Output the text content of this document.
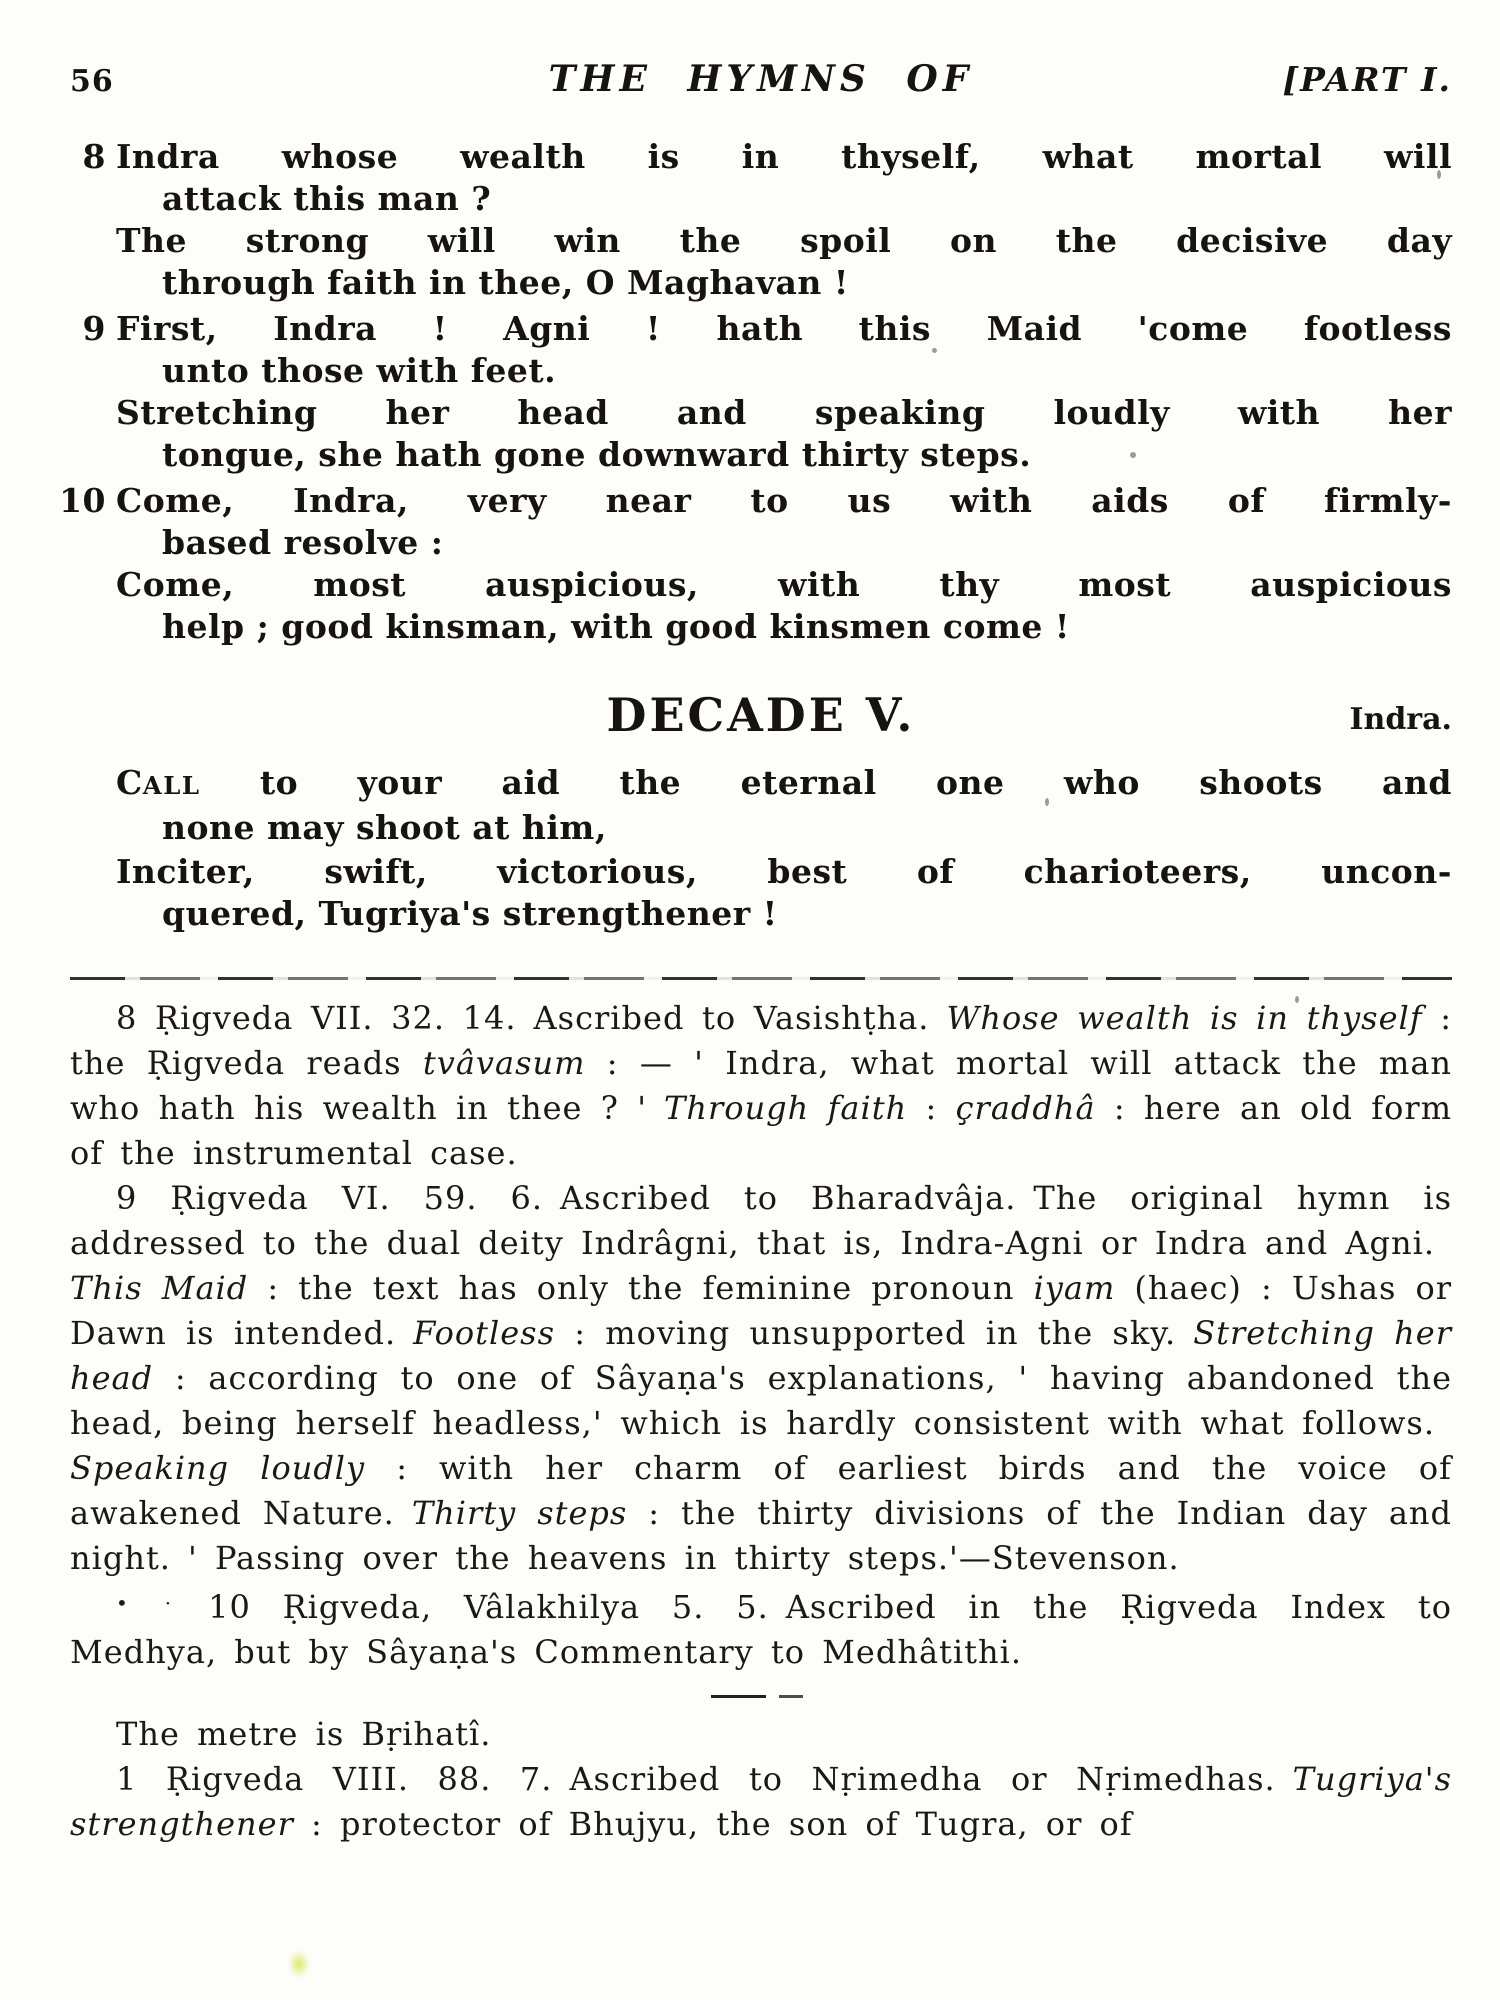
56	THE HYMNS OF	[PART I.
8 Indra whose wealth is in thyself, what mortal will
attack this man ?
The strong will win the spoil on the decisive day
through faith in thee, O Maghavan !
9 First, Indra ! Agni ! hath this Maid 'come footless
unto those with feet.
Stretching her head and speaking loudly with her
tongue, she hath gone downward thirty steps.
10 Come, Indra, very near to us with aids of firmly-
based resolve :
Come, most auspicious, with thy most auspicious
help ; good kinsman, with good kinsmen come !
DECADE V.	Indra.
CALL to your aid the eternal one who shoots and
none may shoot at him,
Inciter, swift, victorious, best of charioteers, uncon-
quered, Tugriya's strengthener !

8 Ṛigveda VII. 32. 14. Ascribed to Vasishṭha. Whose wealth is in thyself : the Ṛigveda reads tvâvasum : — ' Indra, what mortal will attack the man who hath his wealth in thee ? ' Through faith : çraddhâ : here an old form of the instrumental case.

9 Ṛigveda VI. 59. 6. Ascribed to Bharadvâja. The original hymn is addressed to the dual deity Indrâgni, that is, Indra-Agni or Indra and Agni. This Maid : the text has only the feminine pronoun iyam (haec) : Ushas or Dawn is intended. Footless : moving unsupported in the sky. Stretching her head : according to one of Sâyaṇa's explanations, ' having abandoned the head, being herself headless,' which is hardly consistent with what follows. Speaking loudly : with her charm of earliest birds and the voice of awakened Nature. Thirty steps : the thirty divisions of the Indian day and night. ' Passing over the heavens in thirty steps.'—Stevenson.

• · 10 Ṛigveda, Vâlakhilya 5. 5. Ascribed in the Ṛigveda Index to Medhya, but by Sâyaṇa's Commentary to Medhâtithi.

The metre is Bṛihatî.

1 Ṛigveda VIII. 88. 7. Ascribed to Nṛimedha or Nṛimedhas. Tugriya's strengthener : protector of Bhujyu, the son of Tugra, or of
